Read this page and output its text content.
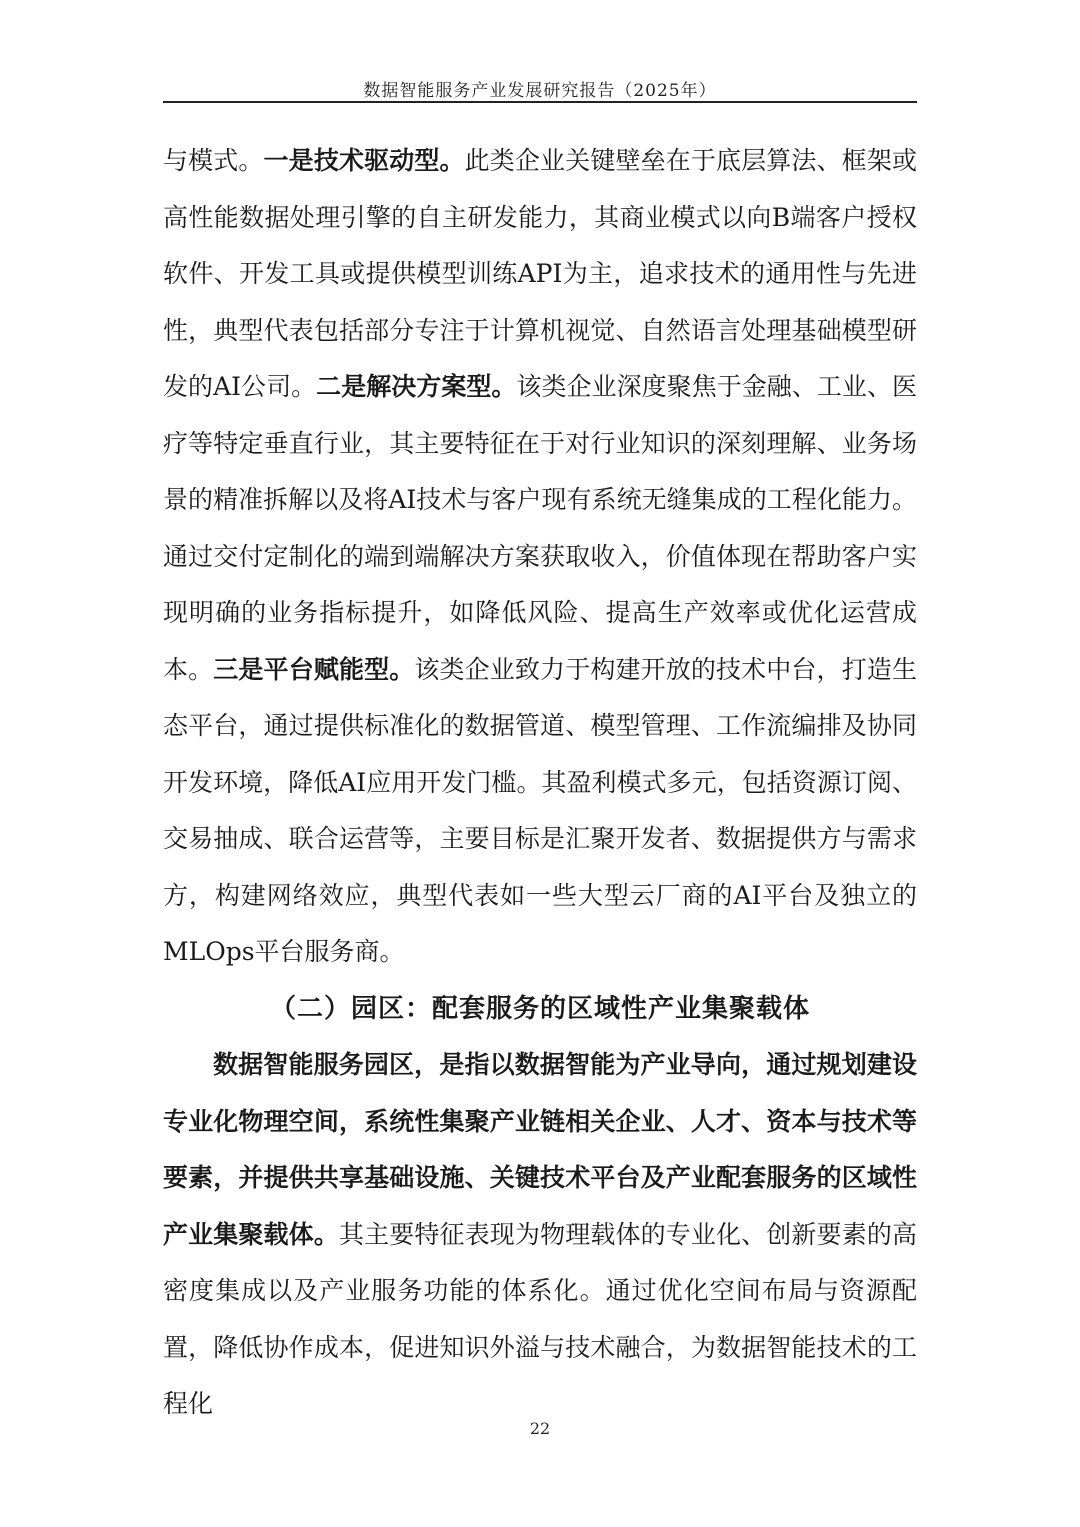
数据智能服务产业发展研究报告（2025年）

与模式。一是技术驱动型。此类企业关键壁垒在于底层算法、框架或高性能数据处理引擎的自主研发能力，其商业模式以向B端客户授权软件、开发工具或提供模型训练API为主，追求技术的通用性与先进性，典型代表包括部分专注于计算机视觉、自然语言处理基础模型研发的AI公司。二是解决方案型。该类企业深度聚焦于金融、工业、医疗等特定垂直行业，其主要特征在于对行业知识的深刻理解、业务场景的精准拆解以及将AI技术与客户现有系统无缝集成的工程化能力。通过交付定制化的端到端解决方案获取收入，价值体现在帮助客户实现明确的业务指标提升，如降低风险、提高生产效率或优化运营成本。三是平台赋能型。该类企业致力于构建开放的技术中台，打造生态平台，通过提供标准化的数据管道、模型管理、工作流编排及协同开发环境，降低AI应用开发门槛。其盈利模式多元，包括资源订阅、交易抽成、联合运营等，主要目标是汇聚开发者、数据提供方与需求方，构建网络效应，典型代表如一些大型云厂商的AI平台及独立的MLOps平台服务商。

（二）园区：配套服务的区域性产业集聚载体

数据智能服务园区，是指以数据智能为产业导向，通过规划建设专业化物理空间，系统性集聚产业链相关企业、人才、资本与技术等要素，并提供共享基础设施、关键技术平台及产业配套服务的区域性产业集聚载体。其主要特征表现为物理载体的专业化、创新要素的高密度集成以及产业服务功能的体系化。通过优化空间布局与资源配置，降低协作成本，促进知识外溢与技术融合，为数据智能技术的工程化

22
